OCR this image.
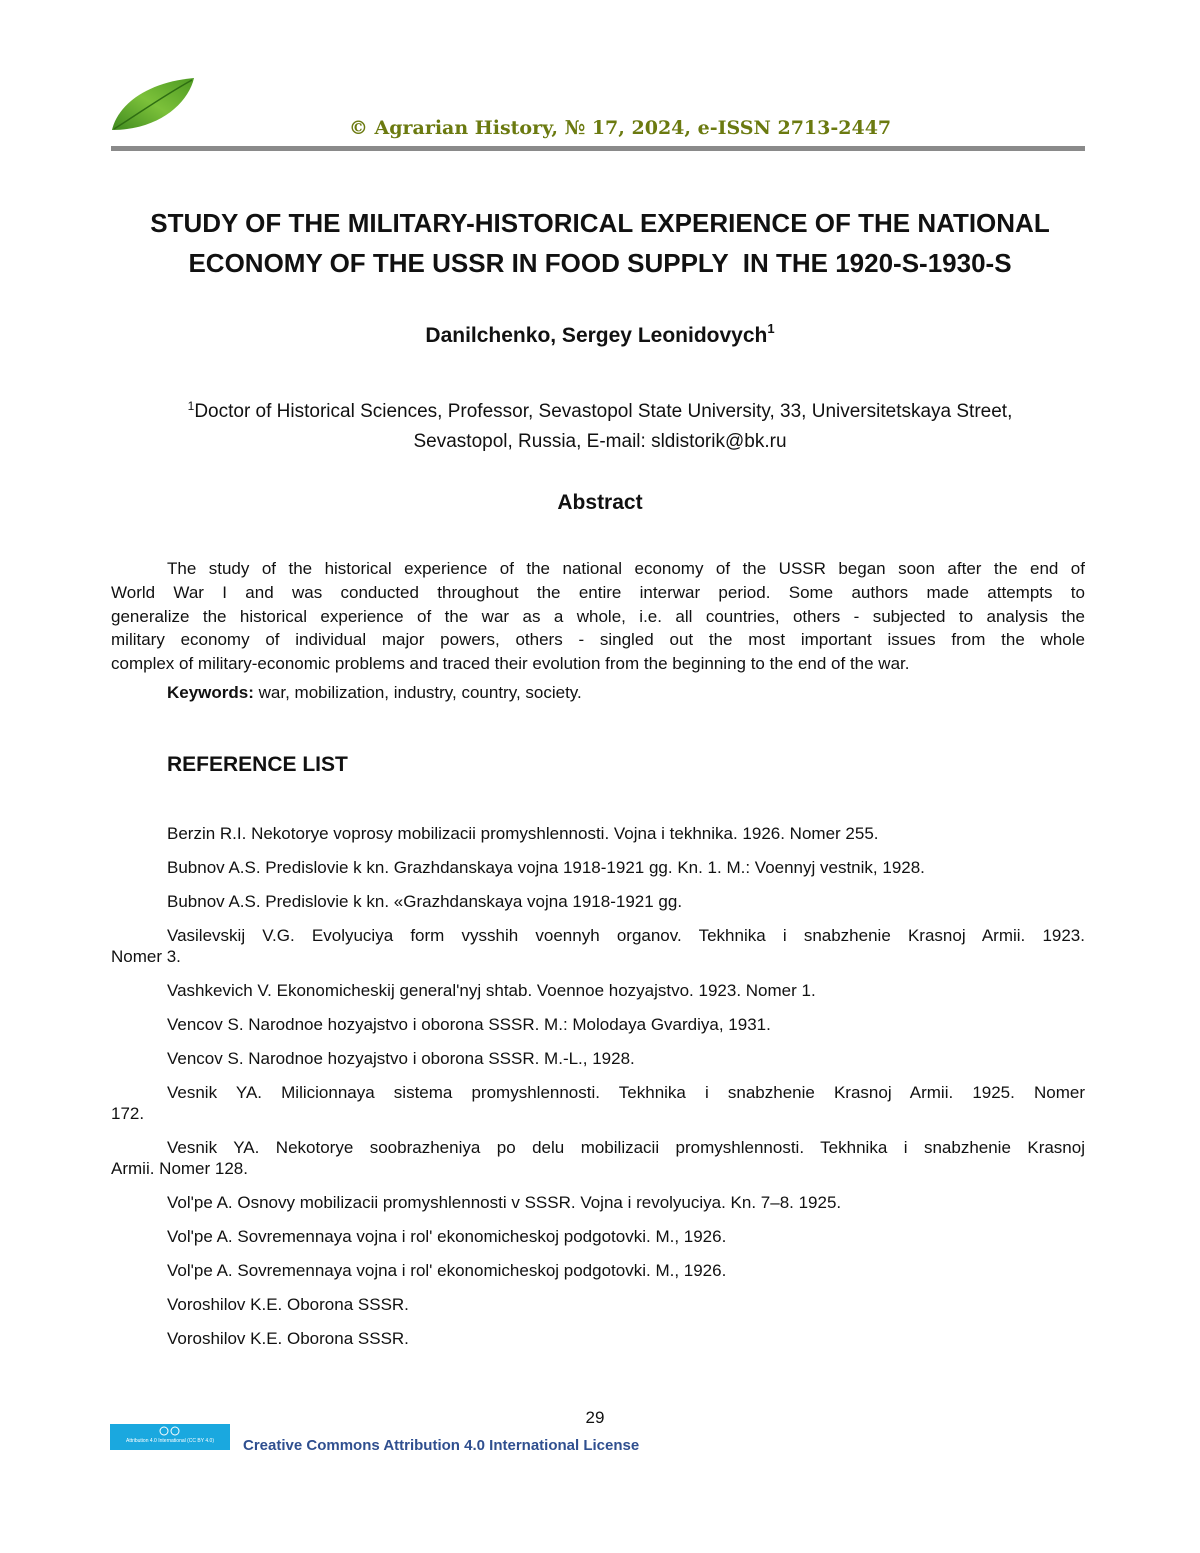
© Agrarian History, № 17, 2024, e-ISSN 2713-2447
STUDY OF THE MILITARY-HISTORICAL EXPERIENCE OF THE NATIONAL
ECONOMY OF THE USSR IN FOOD SUPPLY  IN THE 1920-S-1930-S
Danilchenko, Sergey Leonidovych$^1$
$^1$Doctor of Historical Sciences, Professor, Sevastopol State University, 33, Universitetskaya Street,
Sevastopol, Russia, E-mail: sldistorik@bk.ru
Abstract
The study of the historical experience of the national economy of the USSR began soon after the end of
World War I and was conducted throughout the entire interwar period. Some authors made attempts to
generalize the historical experience of the war as a whole, i.e. all countries, others - subjected to analysis the
military economy of individual major powers, others - singled out the most important issues from the whole
complex of military-economic problems and traced their evolution from the beginning to the end of the war.
Keywords: war, mobilization, industry, country, society.
REFERENCE LIST
Berzin R.I. Nekotorye voprosy mobilizacii promyshlennosti. Vojna i tekhnika. 1926. Nomer 255.
Bubnov A.S. Predislovie k kn. Grazhdanskaya vojna 1918-1921 gg. Kn. 1. M.: Voennyj vestnik, 1928.
Bubnov A.S. Predislovie k kn. «Grazhdanskaya vojna 1918-1921 gg.
Vasilevskij V.G. Evolyuciya form vysshih voennyh organov. Tekhnika i snabzhenie Krasnoj Armii. 1923.
Nomer 3.
Vashkevich V. Ekonomicheskij general'nyj shtab. Voennoe hozyajstvo. 1923. Nomer 1.
Vencov S. Narodnoe hozyajstvo i oborona SSSR. M.: Molodaya Gvardiya, 1931.
Vencov S. Narodnoe hozyajstvo i oborona SSSR. M.-L., 1928.
Vesnik YA. Milicionnaya sistema promyshlennosti. Tekhnika i snabzhenie Krasnoj Armii. 1925. Nomer
172.
Vesnik YA. Nekotorye soobrazheniya po delu mobilizacii promyshlennosti. Tekhnika i snabzhenie Krasnoj
Armii. Nomer 128.
Vol'pe A. Osnovy mobilizacii promyshlennosti v SSSR. Vojna i revolyuciya. Kn. 7–8. 1925.
Vol'pe A. Sovremennaya vojna i rol' ekonomicheskoj podgotovki. M., 1926.
Vol'pe A. Sovremennaya vojna i rol' ekonomicheskoj podgotovki. M., 1926.
Voroshilov K.E. Oborona SSSR.
Voroshilov K.E. Oborona SSSR.
29
Attribution 4.0 International (CC BY 4.0)	Creative Commons Attribution 4.0 International License
